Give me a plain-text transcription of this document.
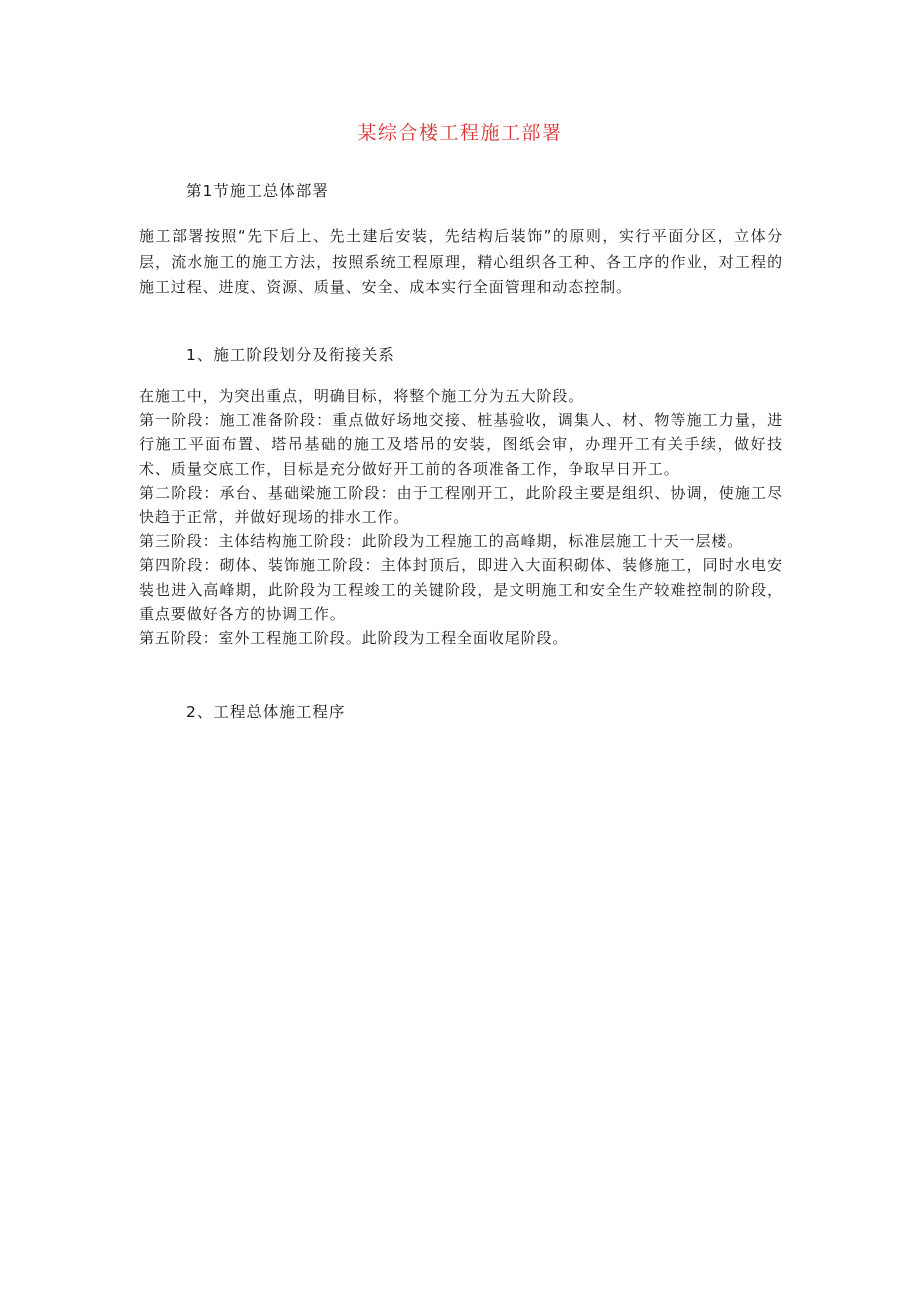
某综合楼工程施工部署
第1节施工总体部署

施工部署按照“先下后上、先土建后安装，先结构后装饰”的原则，实行平面分区，立体分层，流水施工的施工方法，按照系统工程原理，精心组织各工种、各工序的作业，对工程的施工过程、进度、资源、质量、安全、成本实行全面管理和动态控制。

1、施工阶段划分及衔接关系

在施工中，为突出重点，明确目标，将整个施工分为五大阶段。

第一阶段：施工准备阶段：重点做好场地交接、桩基验收，调集人、材、物等施工力量，进行施工平面布置、塔吊基础的施工及塔吊的安装，图纸会审，办理开工有关手续，做好技术、质量交底工作，目标是充分做好开工前的各项准备工作，争取早日开工。

第二阶段：承台、基础梁施工阶段：由于工程刚开工，此阶段主要是组织、协调，使施工尽快趋于正常，并做好现场的排水工作。

第三阶段：主体结构施工阶段：此阶段为工程施工的高峰期，标准层施工十天一层楼。

第四阶段：砌体、装饰施工阶段：主体封顶后，即进入大面积砌体、装修施工，同时水电安装也进入高峰期，此阶段为工程竣工的关键阶段，是文明施工和安全生产较难控制的阶段，重点要做好各方的协调工作。

第五阶段：室外工程施工阶段。此阶段为工程全面收尾阶段。

2、工程总体施工程序
